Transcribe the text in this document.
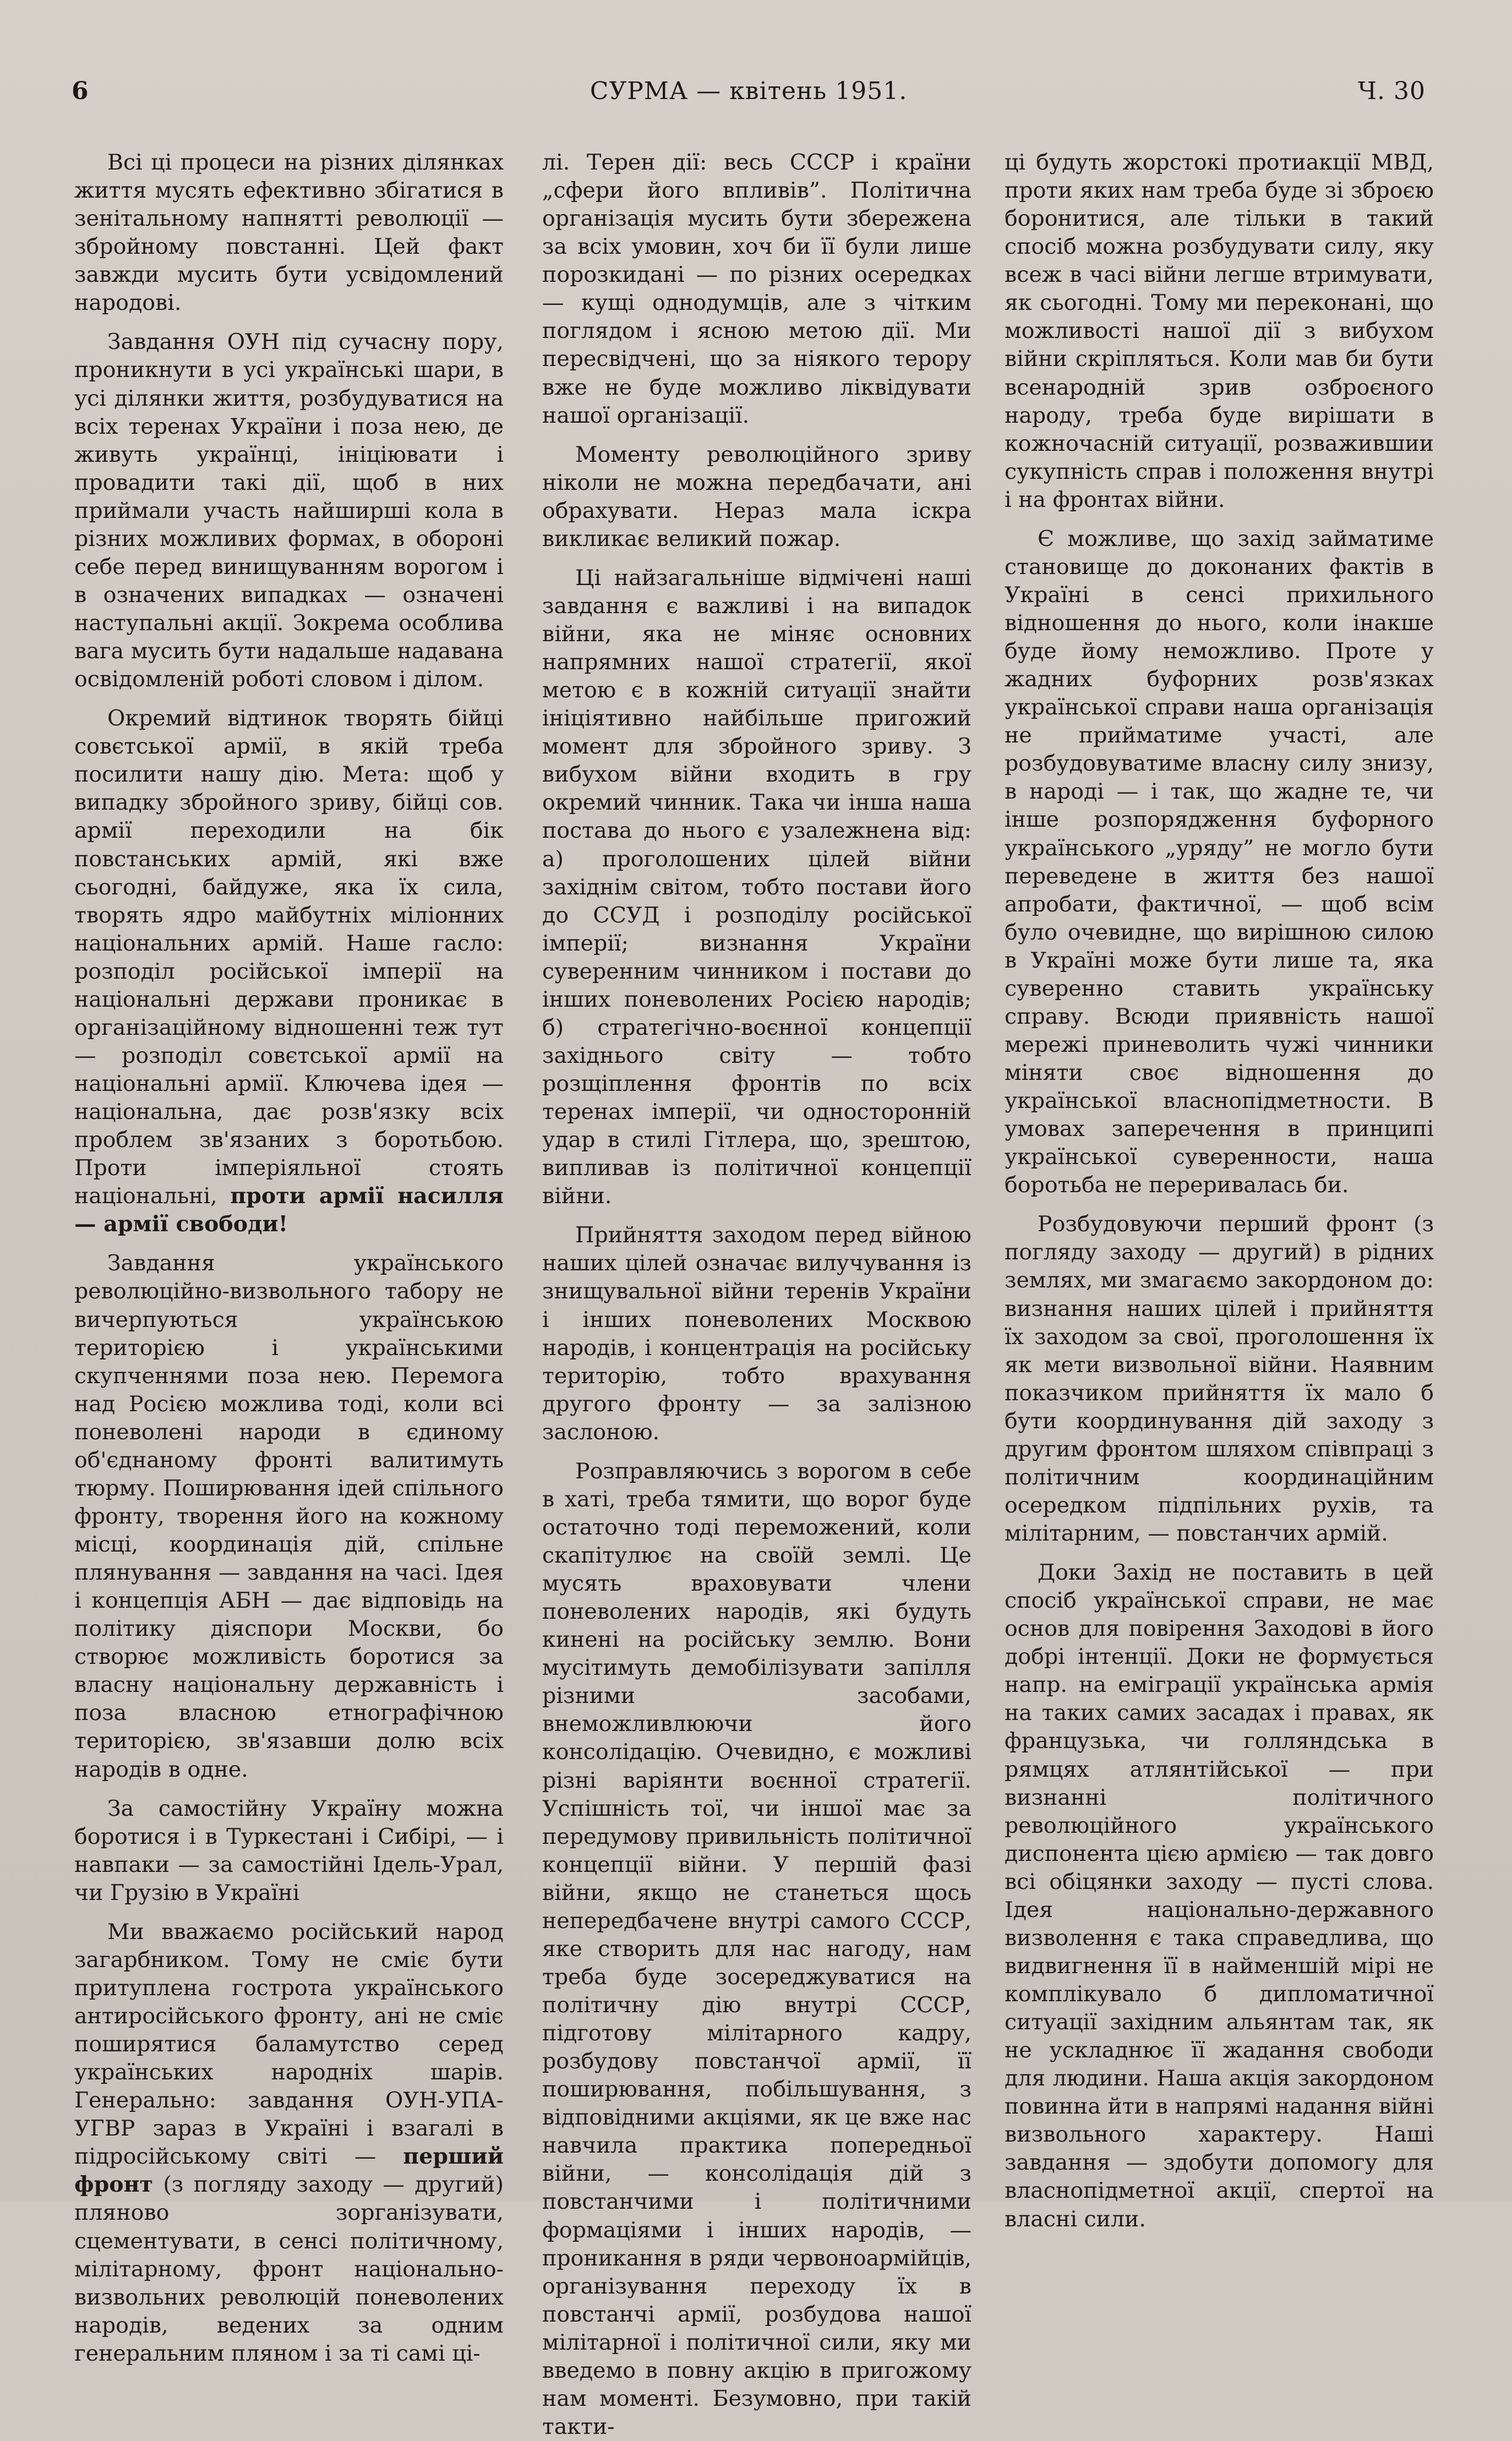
6	СУРМА — квітень 1951.	Ч. 30

Всі ці процеси на різних ділянках життя мусять ефективно збігатися в зенітальному напнятті революції — збройному повстанні. Цей факт завжди мусить бути усвідомлений народові.

Завдання ОУН під сучасну пору, проникнути в усі українські шари, в усі ділянки життя, розбудуватися на всіх теренах України і поза нею, де живуть українці, ініціювати і провадити такі дії, щоб в них приймали участь найширші кола в різних можливих формах, в обороні себе перед винищуванням ворогом і в означених випадках — означені наступальні акції. Зокрема особлива вага мусить бути надальше надавана освідомленій роботі словом і ділом.

Окремий відтинок творять бійці совєтської армії, в якій треба посилити нашу дію. Мета: щоб у випадку збройного зриву, бійці сов. армії переходили на бік повстанських армій, які вже сьогодні, байдуже, яка їх сила, творять ядро майбутніх міліонних національних армій. Наше гасло: розподіл російської імперії на національні держави проникає в організаційному відношенні теж тут — розподіл совєтської армії на національні армії. Ключева ідея — національна, дає розв'язку всіх проблем зв'язаних з боротьбою. Проти імперіяльної стоять національні, проти армії насилля — армії свободи!

Завдання українського революційно-визвольного табору не вичерпуються українською територією і українськими скупченнями поза нею. Перемога над Росією можлива тоді, коли всі поневолені народи в єдиному об'єднаному фронті валитимуть тюрму. Поширювання ідей спільного фронту, творення його на кожному місці, координація дій, спільне плянування — завдання на часі. Ідея і концепція АБН — дає відповідь на політику діяспори Москви, бо створює можливість боротися за власну національну державність і поза власною етнографічною територією, зв'язавши долю всіх народів в одне.

За самостійну Україну можна боротися і в Туркестані і Сибірі, — і навпаки — за самостійні Ідель-Урал, чи Грузію в Україні

Ми вважаємо російський народ загарбником. Тому не сміє бути притуплена гострота українського антиросійського фронту, ані не сміє поширятися баламутство серед українських народніх шарів. Генерально: завдання ОУН-УПА-УГВР зараз в Україні і взагалі в підросійському світі — перший фронт (з погляду заходу — другий) пляново зорганізувати, сцементувати, в сенсі політичному, мілітарному, фронт національно-визвольних революцій поневолених народів, ведених за одним генеральним пляном і за ті самі ці-

лі. Терен дії: весь СССР і країни „сфери його впливів”. Політична організація мусить бути збережена за всіх умовин, хоч би її були лише порозкидані — по різних осередках — кущі однодумців, але з чітким поглядом і ясною метою дії. Ми пересвідчені, що за ніякого терору вже не буде можливо ліквідувати нашої організації.

Моменту революційного зриву ніколи не можна передбачати, ані обрахувати. Нераз мала іскра викликає великий пожар.

Ці найзагальніше відмічені наші завдання є важливі і на випадок війни, яка не міняє основних напрямних нашої стратегії, якої метою є в кожній ситуації знайти ініціятивно найбільше пригожий момент для збройного зриву. З вибухом війни входить в гру окремий чинник. Така чи інша наша постава до нього є узалежнена від: а) проголошених цілей війни західнім світом, тобто постави його до ССУД і розподілу російської імперії; визнання України суверенним чинником і постави до інших поневолених Росією народів; б) стратегічно-воєнної концепції західнього світу — тобто розщіплення фронтів по всіх теренах імперії, чи односторонній удар в стилі Гітлера, що, зрештою, випливав із політичної концепції війни.

Прийняття заходом перед війною наших цілей означає вилучування із знищувальної війни теренів України і інших поневолених Москвою народів, і концентрація на російську територію, тобто врахування другого фронту — за залізною заслоною.

Розправляючись з ворогом в себе в хаті, треба тямити, що ворог буде остаточно тоді переможений, коли скапітулює на своїй землі. Це мусять враховувати члени поневолених народів, які будуть кинені на російську землю. Вони мусітимуть демобілізувати запілля різними засобами, внеможливлюючи його консолідацію. Очевидно, є можливі різні варіянти воєнної стратегії. Успішність тої, чи іншої має за передумову привильність політичної концепції війни. У першій фазі війни, якщо не станеться щось непередбачене внутрі самого СССР, яке створить для нас нагоду, нам треба буде зосереджуватися на політичну дію внутрі СССР, підготову мілітарного кадру, розбудову повстанчої армії, її поширювання, побільшування, з відповідними акціями, як це вже нас навчила практика попередньої війни, — консолідація дій з повстанчими і політичними формаціями і інших народів, — проникання в ряди червоноармійців, організування переходу їх в повстанчі армії, розбудова нашої мілітарної і політичної сили, яку ми введемо в повну акцію в пригожому нам моменті. Безумовно, при такій такти-

ці будуть жорстокі протиакції МВД, проти яких нам треба буде зі зброєю боронитися, але тільки в такий спосіб можна розбудувати силу, яку всеж в часі війни легше втримувати, як сьогодні. Тому ми переконані, що можливості нашої дії з вибухом війни скріпляться. Коли мав би бути всенародній зрив озброєного народу, треба буде вирішати в кожночасній ситуації, розважившии сукупність справ і положення внутрі і на фронтах війни.

Є можливе, що захід займатиме становище до доконаних фактів в Україні в сенсі прихильного відношення до нього, коли інакше буде йому неможливо. Проте у жадних буфорних розв'язках української справи наша організація не прийматиме участі, але розбудовуватиме власну силу знизу, в народі — і так, що жадне те, чи інше розпорядження буфорного українського „уряду” не могло бути переведене в життя без нашої апробати, фактичної, — щоб всім було очевидне, що вирішною силою в Україні може бути лише та, яка суверенно ставить українську справу. Всюди приявність нашої мережі приневолить чужі чинники міняти своє відношення до української власнопідметности. В умовах заперечення в принципі української суверенности, наша боротьба не переривалась би.

Розбудовуючи перший фронт (з погляду заходу — другий) в рідних землях, ми змагаємо закордоном до: визнання наших цілей і прийняття їх заходом за свої, проголошення їх як мети визвольної війни. Наявним показчиком прийняття їх мало б бути координування дій заходу з другим фронтом шляхом співпраці з політичним координаційним осередком підпільних рухів, та мілітарним, — повстанчих армій.

Доки Захід не поставить в цей спосіб української справи, не має основ для повірення Заходові в його добрі інтенції. Доки не формується напр. на еміграції українська армія на таких самих засадах і правах, як французька, чи голляндська в рямцях атлянтійської — при визнанні політичного революційного українського диспонента цією армією — так довго всі обіцянки заходу — пусті слова. Ідея національно-державного визволення є така справедлива, що видвигнення її в найменшій мірі не комплікувало б дипломатичної ситуації західним альянтам так, як не ускладнює її жадання свободи для людини. Наша акція закордоном повинна йти в напрямі надання війні визвольного характеру. Наші завдання — здобути допомогу для власнопідметної акції, спертої на власні сили.
